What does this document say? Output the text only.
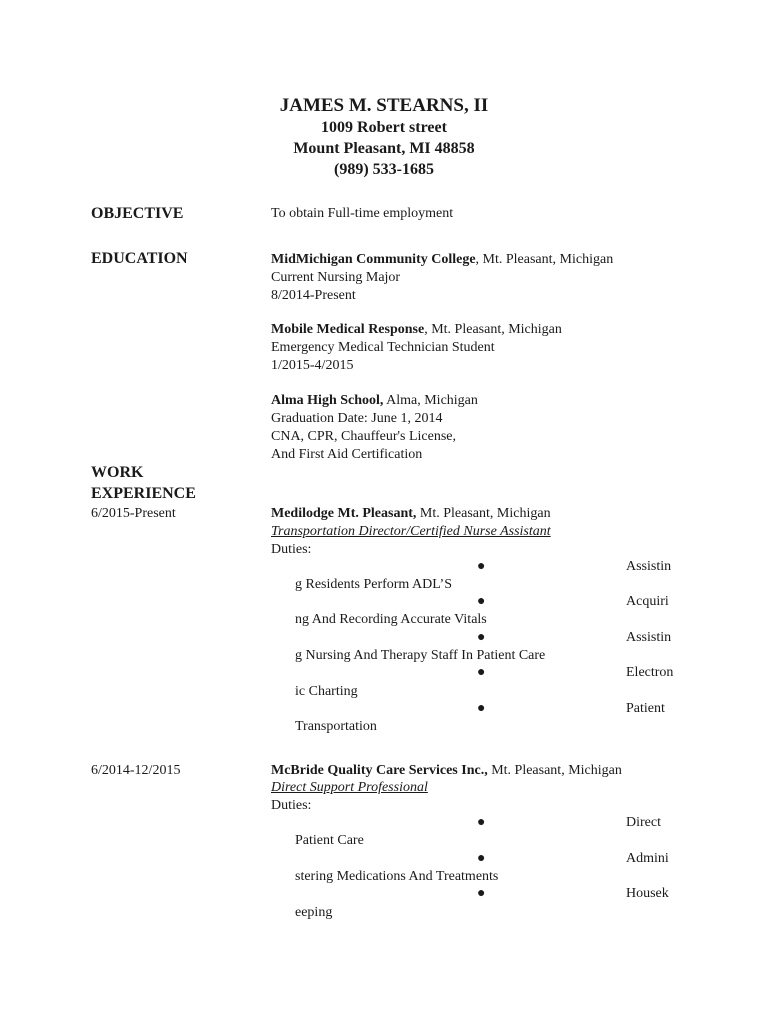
JAMES M. STEARNS, II
1009 Robert street
Mount Pleasant, MI 48858
(989) 533-1685
OBJECTIVE	To obtain Full-time employment
EDUCATION	MidMichigan Community College, Mt. Pleasant, Michigan
Current Nursing Major
8/2014-Present
Mobile Medical Response, Mt. Pleasant, Michigan
Emergency Medical Technician Student
1/2015-4/2015
Alma High School, Alma, Michigan
Graduation Date: June 1, 2014
CNA, CPR, Chauffeur's License,
And First Aid Certification
WORK
EXPERIENCE
6/2015-Present	Medilodge Mt. Pleasant, Mt. Pleasant, Michigan
Transportation Director/Certified Nurse Assistant
Duties:
●	Assistin
g Residents Perform ADL’S
●	Acquiri
ng And Recording Accurate Vitals
●	Assistin
g Nursing And Therapy Staff In Patient Care
●	Electron
ic Charting
●	Patient
Transportation
6/2014-12/2015	McBride Quality Care Services Inc., Mt. Pleasant, Michigan
Direct Support Professional
Duties:
●	Direct
Patient Care
●	Admini
stering Medications And Treatments
●	Housek
eeping
